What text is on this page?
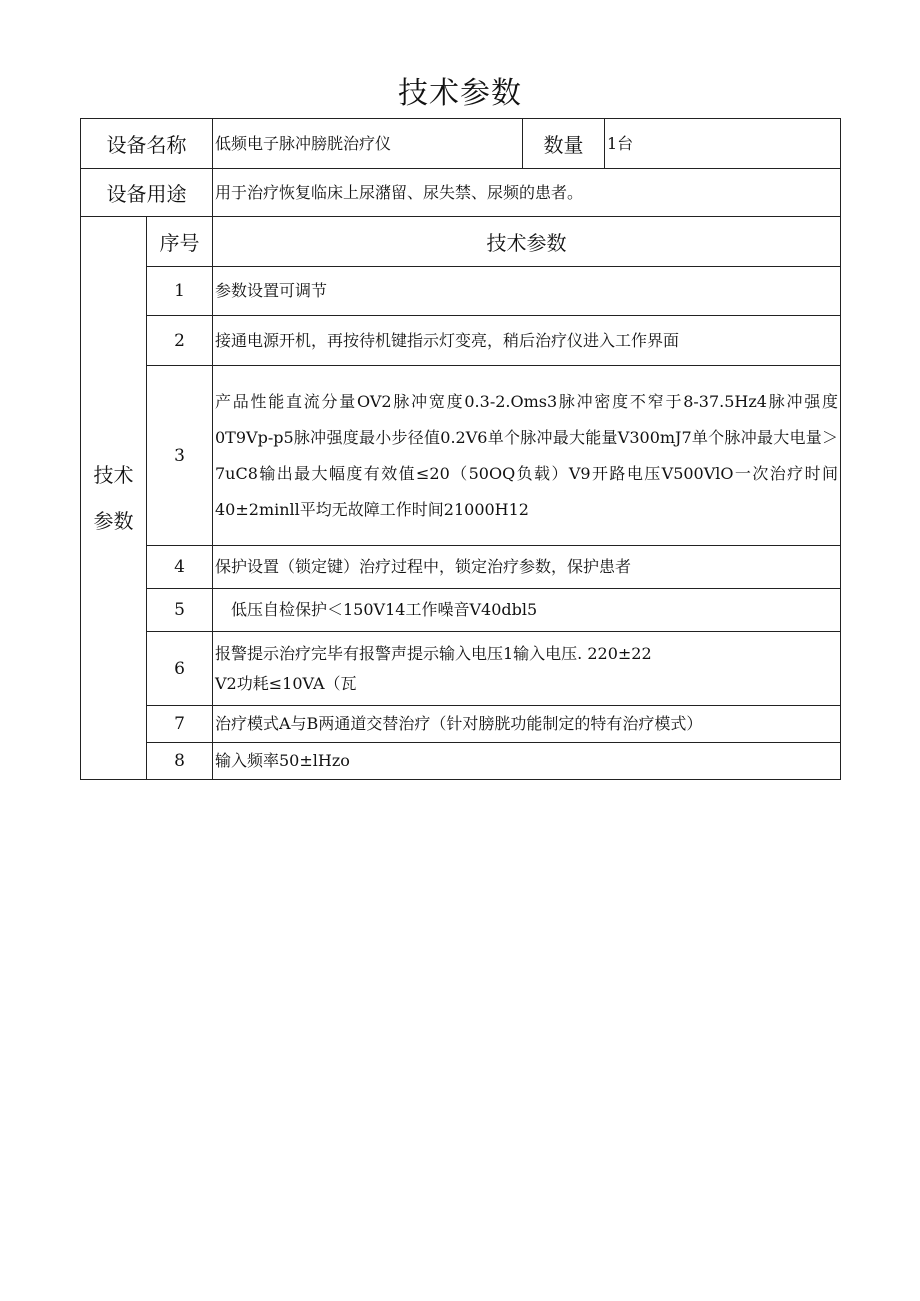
技术参数
设备名称		低频电子脉冲膀胱治疗仪	数量	1台
设备用途		用于治疗恢复临床上尿潴留、尿失禁、尿频的患者。		

技术
参数	序号	技术参数		
	1	参数设置可调节		
	2	接通电源开机，再按待机键指示灯变亮，稍后治疗仪进入工作界面		
	3	产品性能直流分量OV2脉冲宽度0.3-2.Oms3脉冲密度不窄于8-37.5Hz4脉冲强度0T9Vp-p5脉冲强度最小步径值0.2V6单个脉冲最大能量V300mJ7单个脉冲最大电量＞7uC8输出最大幅度有效值≤20（50OQ负载）V9开路电压V500VlO一次治疗时间40±2minll平均无故障工作时间21000H12		
	4	保护设置（锁定键）治疗过程中，锁定治疗参数，保护患者		
	5	低压自检保护＜150V14工作噪音V40dbl5		
	6	报警提示治疗完毕有报警声提示输入电压1输入电压. 220±22
V2功耗≤10VA（瓦		

	7	治疗模式A与B两通道交替治疗（针对膀胱功能制定的特有治疗模式）		
	8	输入频率50±lHzo		
